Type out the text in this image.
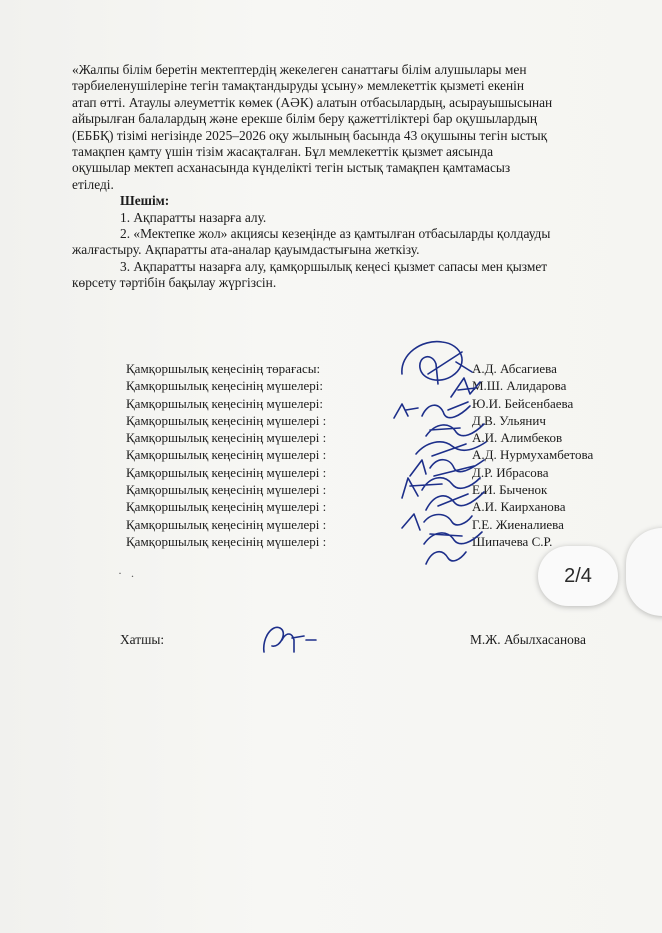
«Жалпы білім беретін мектептердің жекелеген санаттағы білім алушылары мен

тәрбиеленушілеріне тегін тамақтандыруды ұсыну» мемлекеттік қызметі екенін

атап өтті. Атаулы әлеуметтік көмек (АӘК) алатын отбасылардың, асырауышысынан

айырылған балалардың және ерекше білім беру қажеттіліктері бар оқушылардың

(ЕББҚ) тізімі негізінде 2025–2026 оқу жылының басында 43 оқушыны тегін ыстық

тамақпен қамту үшін тізім жасақталған. Бұл мемлекеттік қызмет аясында

оқушылар мектеп асханасында күнделікті тегін ыстық тамақпен қамтамасыз

етіледі.

Шешім:

1. Ақпаратты назарға алу.

2. «Мектепке жол» акциясы кезеңінде аз қамтылған отбасыларды қолдауды

жалғастыру. Ақпаратты ата-аналар қауымдастығына жеткізу.

3. Ақпаратты назарға алу, қамқоршылық кеңесі қызмет сапасы мен қызмет

көрсету тәртібін бақылау жүргізсін.

Қамқоршылық кеңесінің төрағасы:	А.Д. Абсагиева
Қамқоршылық кеңесінің мүшелері:	М.Ш. Алидарова
Қамқоршылық кеңесінің мүшелері:	Ю.И. Бейсенбаева
Қамқоршылық кеңесінің мүшелері :	Д.В. Ульянич
Қамқоршылық кеңесінің мүшелері :	А.И. Алимбеков
Қамқоршылық кеңесінің мүшелері :	А.Д. Нурмухамбетова
Қамқоршылық кеңесінің мүшелері :	Д.Р. Ибрасова
Қамқоршылық кеңесінің мүшелері :	Е.И. Быченок
Қамқоршылық кеңесінің мүшелері :	А.И. Каирханова
Қамқоршылық кеңесінің мүшелері :	Г.Е. Жиеналиева
Қамқоршылық кеңесінің мүшелері :	Шипачева С.Р.
· .
Хатшы:	М.Ж. Абылхасанова
2/4
